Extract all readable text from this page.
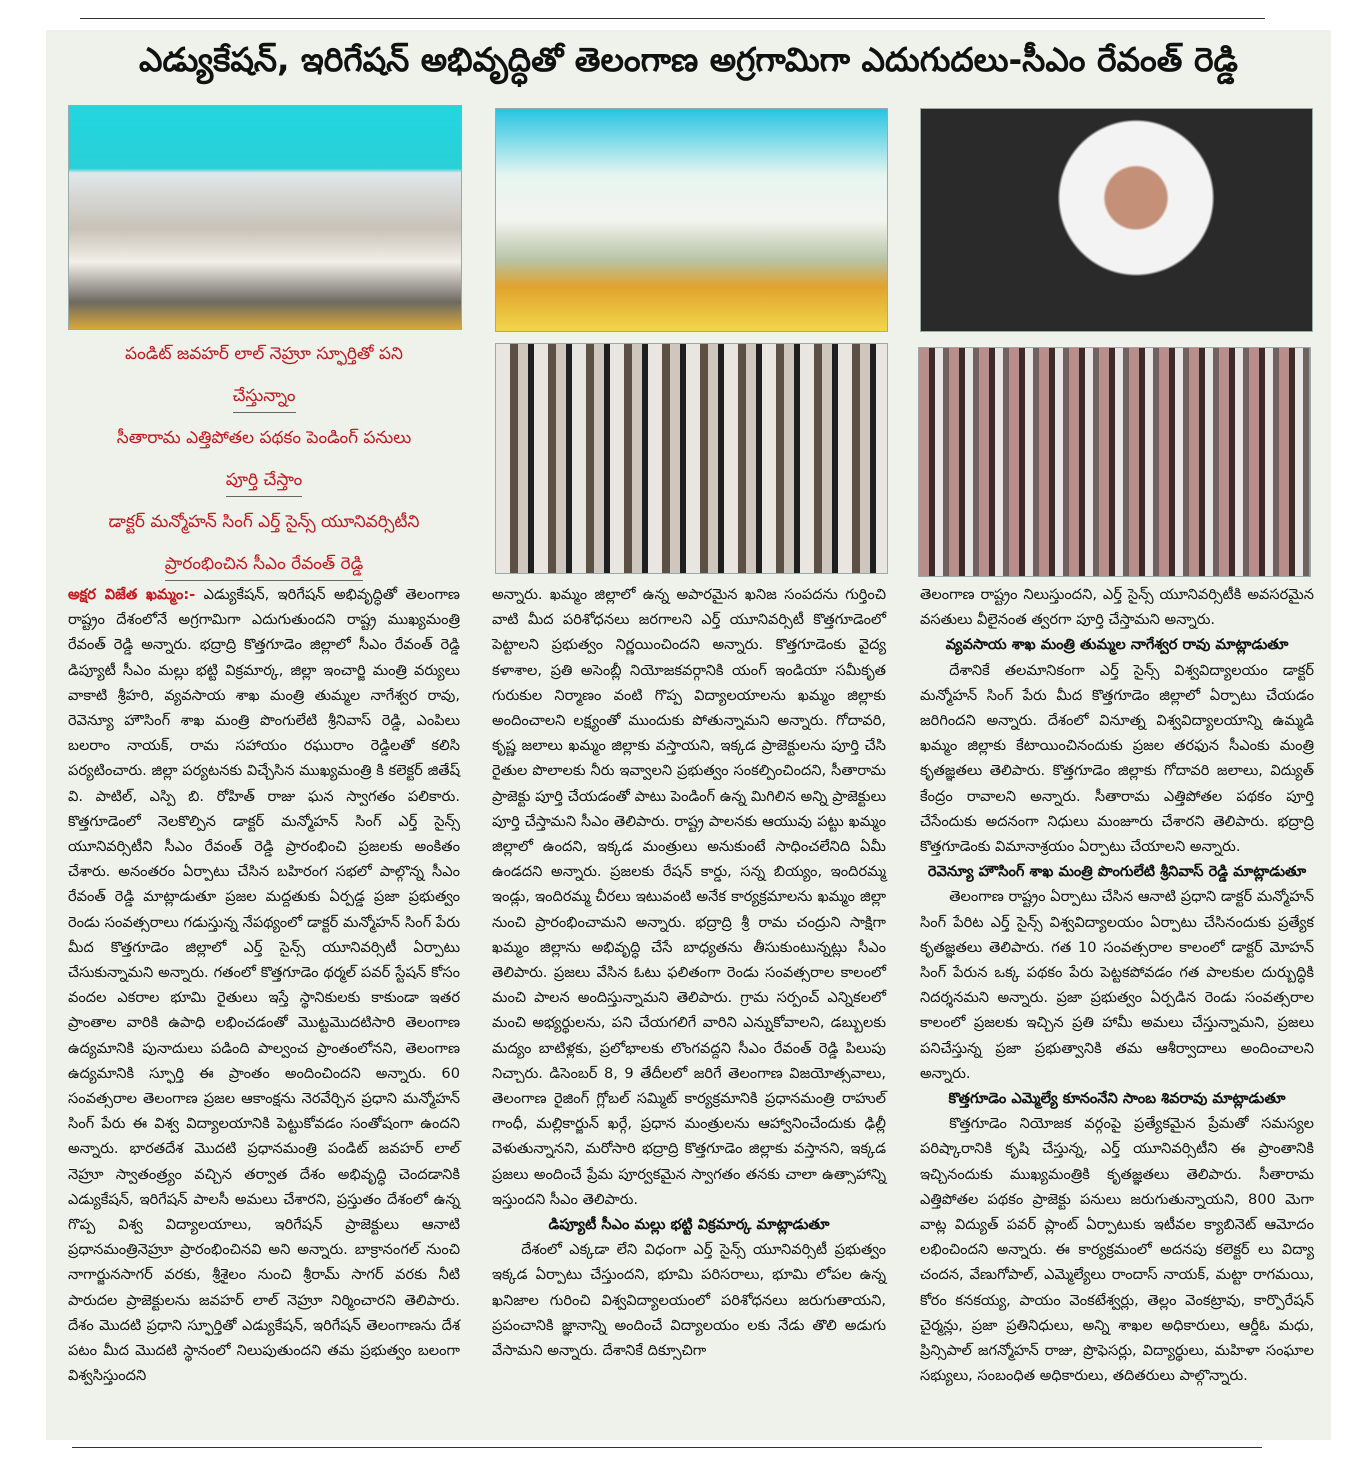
ఎడ్యుకేషన్, ఇరిగేషన్ అభివృద్ధితో తెలంగాణ అగ్రగామిగా ఎదుగుదలు-సీఎం రేవంత్ రెడ్డి
పండిట్ జవహర్ లాల్ నెహ్రూ స్ఫూర్తితో పని
చేస్తున్నాం
సీతారామ ఎత్తిపోతల పథకం పెండింగ్ పనులు
పూర్తి చేస్తాం
డాక్టర్ మన్మోహన్ సింగ్ ఎర్త్ సైన్స్ యూనివర్సిటీని
ప్రారంభించిన సీఎం రేవంత్ రెడ్డి
అక్షర విజేత ఖమ్మం:- ఎడ్యుకేషన్, ఇరిగేషన్ అభివృద్ధితో తెలంగాణ రాష్ట్రం దేశంలోనే అగ్రగామిగా ఎదుగుతుందని రాష్ట్ర ముఖ్యమంత్రి రేవంత్ రెడ్డి అన్నారు. భద్రాద్రి కొత్తగూడెం జిల్లాలో సీఎం రేవంత్ రెడ్డి డిప్యూటీ సీఎం మల్లు భట్టి విక్రమార్క, జిల్లా ఇంచార్జి మంత్రి వర్యులు వాకాటి శ్రీహరి, వ్యవసాయ శాఖ మంత్రి తుమ్మల నాగేశ్వర రావు, రెవెన్యూ హౌసింగ్ శాఖ మంత్రి పొంగులేటి శ్రీనివాస్ రెడ్డి, ఎంపిలు బలరాం నాయక్, రామ సహాయం రఘురాం రెడ్డిలతో కలిసి పర్యటించారు. జిల్లా పర్యటనకు విచ్చేసిన ముఖ్యమంత్రి కి కలెక్టర్ జితేష్ వి. పాటిల్, ఎస్పి బి. రోహిత్ రాజు ఘన స్వాగతం పలికారు. కొత్తగూడెంలో నెలకొల్పిన డాక్టర్ మన్మోహన్ సింగ్ ఎర్త్ సైన్స్ యూనివర్సిటీని సీఎం రేవంత్ రెడ్డి ప్రారంభించి ప్రజలకు అంకితం చేశారు. అనంతరం ఏర్పాటు చేసిన బహిరంగ సభలో పాల్గొన్న సీఎం రేవంత్ రెడ్డి మాట్లాడుతూ ప్రజల మద్దతుకు ఏర్పడ్డ ప్రజా ప్రభుత్వం రెండు సంవత్సరాలు గడుస్తున్న నేపథ్యంలో డాక్టర్ మన్మోహన్ సింగ్ పేరు మీద కొత్తగూడెం జిల్లాలో ఎర్త్ సైన్స్ యూనివర్సిటీ ఏర్పాటు చేసుకున్నామని అన్నారు. గతంలో కొత్తగూడెం థర్మల్ పవర్ స్టేషన్ కోసం వందల ఎకరాల భూమి రైతులు ఇస్తే స్థానికులకు కాకుండా ఇతర ప్రాంతాల వారికి ఉపాధి లభించడంతో మొట్టమొదటిసారి తెలంగాణ ఉద్యమానికి పునాదులు పడింది పాల్వంచ ప్రాంతంలోనని, తెలంగాణ ఉద్యమానికి స్ఫూర్తి ఈ ప్రాంతం అందించిందని అన్నారు. 60 సంవత్సరాల తెలంగాణ ప్రజల ఆకాంక్షను నెరవేర్చిన ప్రధాని మన్మోహన్ సింగ్ పేరు ఈ విశ్వ విద్యాలయానికి పెట్టుకోవడం సంతోషంగా ఉందని అన్నారు. భారతదేశ మొదటి ప్రధానమంత్రి పండిట్ జవహర్ లాల్ నెహ్రూ స్వాతంత్ర్యం వచ్చిన తర్వాత దేశం అభివృద్ధి చెందడానికి ఎడ్యుకేషన్, ఇరిగేషన్ పాలసీ అమలు చేశారని, ప్రస్తుతం దేశంలో ఉన్న గొప్ప విశ్వ విద్యాలయాలు, ఇరిగేషన్ ప్రాజెక్టులు ఆనాటి ప్రధానమంత్రినెహ్రూ ప్రారంభించినవి అని అన్నారు. బాక్రానంగల్ నుంచి నాగార్జునసాగర్ వరకు, శ్రీశైలం నుంచి శ్రీరామ్ సాగర్ వరకు నీటి పారుదల ప్రాజెక్టులను జవహర్ లాల్ నెహ్రూ నిర్మించారని తెలిపారు. దేశం మొదటి ప్రధాని స్ఫూర్తితో ఎడ్యుకేషన్, ఇరిగేషన్ తెలంగాణను దేశ పటం మీద మొదటి స్థానంలో నిలుపుతుందని తమ ప్రభుత్వం బలంగా విశ్వసిస్తుందని
అన్నారు. ఖమ్మం జిల్లాలో ఉన్న అపారమైన ఖనిజ సంపదను గుర్తించి వాటి మీద పరిశోధనలు జరగాలని ఎర్త్ యూనివర్సిటీ కొత్తగూడెంలో పెట్టాలని ప్రభుత్వం నిర్ణయించిందని అన్నారు. కొత్తగూడెంకు వైద్య కళాశాల, ప్రతి అసెంబ్లీ నియోజకవర్గానికి యంగ్ ఇండియా సమీకృత గురుకుల నిర్మాణం వంటి గొప్ప విద్యాలయాలను ఖమ్మం జిల్లాకు అందించాలని లక్ష్యంతో ముందుకు పోతున్నామని అన్నారు. గోదావరి, కృష్ణ జలాలు ఖమ్మం జిల్లాకు వస్తాయని, ఇక్కడ ప్రాజెక్టులను పూర్తి చేసి రైతుల పొలాలకు నీరు ఇవ్వాలని ప్రభుత్వం సంకల్పించిందని, సీతారామ ప్రాజెక్టు పూర్తి చేయడంతో పాటు పెండింగ్ ఉన్న మిగిలిన అన్ని ప్రాజెక్టులు పూర్తి చేస్తామని సీఎం తెలిపారు. రాష్ట్ర పాలనకు ఆయువు పట్టు ఖమ్మం జిల్లాలో ఉందని, ఇక్కడ మంత్రులు అనుకుంటే సాధించలేనిది ఏమీ ఉండదని అన్నారు. ప్రజలకు రేషన్ కార్డు, సన్న బియ్యం, ఇందిరమ్మ ఇండ్లు, ఇందిరమ్మ చీరలు ఇటువంటి అనేక కార్యక్రమాలను ఖమ్మం జిల్లా నుంచి ప్రారంభించామని అన్నారు. భద్రాద్రి శ్రీ రామ చంద్రుని సాక్షిగా ఖమ్మం జిల్లాను అభివృద్ధి చేసే బాధ్యతను తీసుకుంటున్నట్లు సీఎం తెలిపారు. ప్రజలు వేసిన ఓటు ఫలితంగా రెండు సంవత్సరాల కాలంలో మంచి పాలన అందిస్తున్నామని తెలిపారు. గ్రామ సర్పంచ్ ఎన్నికలలో మంచి అభ్యర్థులను, పని చేయగలిగే వారిని ఎన్నుకోవాలని, డబ్బులకు మద్యం బాటిళ్లకు, ప్రలోభాలకు లొంగవద్దని సీఎం రేవంత్ రెడ్డి పిలుపు నిచ్చారు. డిసెంబర్ 8, 9 తేదీలలో జరిగే తెలంగాణ విజయోత్సవాలు, తెలంగాణ రైజింగ్ గ్లోబల్ సమ్మిట్ కార్యక్రమానికి ప్రధానమంత్రి రాహుల్ గాంధీ, మల్లికార్జున్ ఖర్గే, ప్రధాన మంత్రులను ఆహ్వానించేందుకు ఢిల్లీ వెళుతున్నానని, మరోసారి భద్రాద్రి కొత్తగూడెం జిల్లాకు వస్తానని, ఇక్కడ ప్రజలు అందించే ప్రేమ పూర్వకమైన స్వాగతం తనకు చాలా ఉత్సాహాన్ని ఇస్తుందని సీఎం తెలిపారు.
డిప్యూటీ సీఎం మల్లు భట్టి విక్రమార్క మాట్లాడుతూ
దేశంలో ఎక్కడా లేని విధంగా ఎర్త్ సైన్స్ యూనివర్సిటీ ప్రభుత్వం ఇక్కడ ఏర్పాటు చేస్తుందని, భూమి పరిసరాలు, భూమి లోపల ఉన్న ఖనిజాల గురించి విశ్వవిద్యాలయంలో పరిశోధనలు జరుగుతాయని, ప్రపంచానికి జ్ఞానాన్ని అందించే విద్యాలయం లకు నేడు తొలి అడుగు వేసామని అన్నారు. దేశానికే దిక్సూచిగా
తెలంగాణ రాష్ట్రం నిలుస్తుందని, ఎర్త్ సైన్స్ యూనివర్సిటీకి అవసరమైన వసతులు వీలైనంత త్వరగా పూర్తి చేస్తామని అన్నారు.
వ్యవసాయ శాఖ మంత్రి తుమ్మల నాగేశ్వర రావు మాట్లాడుతూ
దేశానికే తలమానికంగా ఎర్త్ సైన్స్ విశ్వవిద్యాలయం డాక్టర్ మన్మోహన్ సింగ్ పేరు మీద కొత్తగూడెం జిల్లాలో ఏర్పాటు చేయడం జరిగిందని అన్నారు. దేశంలో వినూత్న విశ్వవిద్యాలయాన్ని ఉమ్మడి ఖమ్మం జిల్లాకు కేటాయించినందుకు ప్రజల తరఫున సీఎంకు మంత్రి కృతజ్ఞతలు తెలిపారు. కొత్తగూడెం జిల్లాకు గోదావరి జలాలు, విద్యుత్ కేంద్రం రావాలని అన్నారు. సీతారామ ఎత్తిపోతల పథకం పూర్తి చేసేందుకు అదనంగా నిధులు మంజూరు చేశారని తెలిపారు. భద్రాద్రి కొత్తగూడెంకు విమానాశ్రయం ఏర్పాటు చేయాలని అన్నారు.
రెవెన్యూ హౌసింగ్ శాఖ మంత్రి పొంగులేటి శ్రీనివాస్ రెడ్డి మాట్లాడుతూ
తెలంగాణ రాష్ట్రం ఏర్పాటు చేసిన ఆనాటి ప్రధాని డాక్టర్ మన్మోహన్ సింగ్ పేరిట ఎర్త్ సైన్స్ విశ్వవిద్యాలయం ఏర్పాటు చేసినందుకు ప్రత్యేక కృతజ్ఞతలు తెలిపారు. గత 10 సంవత్సరాల కాలంలో డాక్టర్ మోహన్ సింగ్ పేరున ఒక్క పథకం పేరు పెట్టకపోవడం గత పాలకుల దుర్బుద్ధికి నిదర్శనమని అన్నారు. ప్రజా ప్రభుత్వం ఏర్పడిన రెండు సంవత్సరాల కాలంలో ప్రజలకు ఇచ్చిన ప్రతి హామీ అమలు చేస్తున్నామని, ప్రజలు పనిచేస్తున్న ప్రజా ప్రభుత్వానికి తమ ఆశీర్వాదాలు అందించాలని అన్నారు.
కొత్తగూడెం ఎమ్మెల్యే కూనంనేని సాంబ శివరావు మాట్లాడుతూ
కొత్తగూడెం నియోజక వర్గంపై ప్రత్యేకమైన ప్రేమతో సమస్యల పరిష్కారానికి కృషి చేస్తున్న, ఎర్త్ యూనివర్సిటీని ఈ ప్రాంతానికి ఇచ్చినందుకు ముఖ్యమంత్రికి కృతజ్ఞతలు తెలిపారు. సీతారామ ఎత్తిపోతల పథకం ప్రాజెక్టు పనులు జరుగుతున్నాయని, 800 మెగా వాట్ల విద్యుత్ పవర్ ప్లాంట్ ఏర్పాటుకు ఇటీవల క్యాబినెట్ ఆమోదం లభించిందని అన్నారు. ఈ కార్యక్రమంలో అదనపు కలెక్టర్ లు విద్యా చందన, వేణుగోపాల్, ఎమ్మెల్యేలు రాందాస్ నాయక్, మట్టా రాగమయి, కోరం కనకయ్య, పాయం వెంకటేశ్వర్లు, తెల్లం వెంకట్రావు, కార్పొరేషన్ చైర్మన్లు, ప్రజా ప్రతినిధులు, అన్ని శాఖల అధికారులు, ఆర్డీఓ మధు, ప్రిన్సిపాల్ జగన్మోహన్ రాజు, ప్రొఫెసర్లు, విద్యార్థులు, మహిళా సంఘాల సభ్యులు, సంబంధిత అధికారులు, తదితరులు పాల్గొన్నారు.
